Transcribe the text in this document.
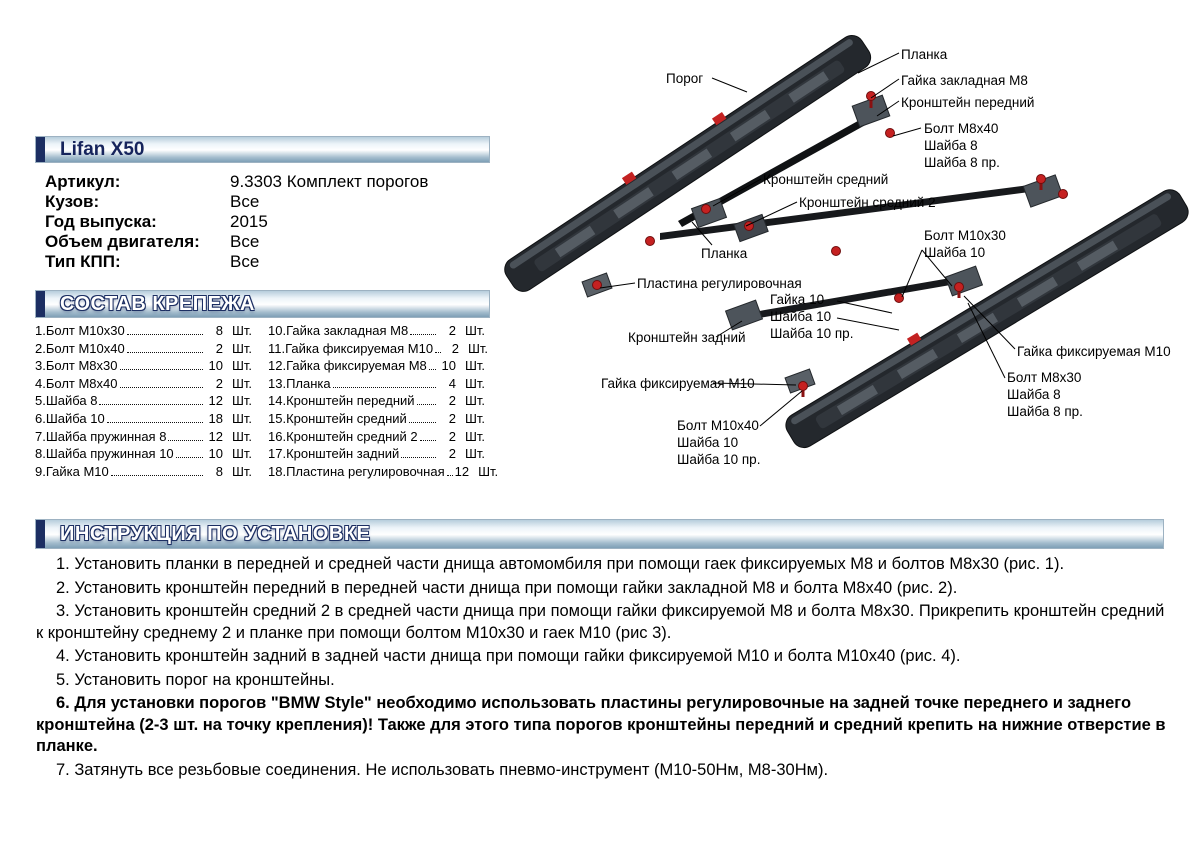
Lifan X50
Артикул:	9.3303 Комплект порогов
Кузов:	Все
Год выпуска:	2015
Объем двигателя:	Все
Тип КПП:	Все
СОСТАВ КРЕПЕЖА
1.Болт М10х30	8 Шт.
2.Болт М10х40	2 Шт.
3.Болт М8х30	10 Шт.
4.Болт М8х40	2 Шт.
5.Шайба 8	12 Шт.
6.Шайба 10	18 Шт.
7.Шайба пружинная 8	12 Шт.
8.Шайба пружинная 10	10 Шт.
9.Гайка М10	8 Шт.
10.Гайка закладная М8	2 Шт.
11.Гайка фиксируемая М10	2 Шт.
12.Гайка фиксируемая М8 10 Шт.
13.Планка	4 Шт.
14.Кронштейн передний	2 Шт.
15.Кронштейн средний	2 Шт.
16.Кронштейн средний 2	2 Шт.
17.Кронштейн задний	2 Шт.
18.Пластина регулировочная 12 Шт.
Порог
Планка
Гайка закладная М8
Кронштейн передний
Болт М8х40
Шайба 8
Шайба 8 пр.
Кронштейн средний
Кронштейн средний 2
Планка
Болт М10х30
Шайба 10
Пластина регулировочная
Гайка 10
Шайба 10
Шайба 10 пр.
Кронштейн задний
Гайка фиксируемая М10
Гайка фиксируемая М10
Болт М8х30
Шайба 8
Шайба 8 пр.
Болт М10х40
Шайба 10
Шайба 10 пр.
ИНСТРУКЦИЯ ПО УСТАНОВКЕ

1. Установить планки в передней и средней части днища автомомбиля при помощи гаек фиксируемых М8 и болтов М8х30 (рис. 1).

2. Установить кронштейн передний в передней части днища при помощи гайки закладной М8 и болта М8х40 (рис. 2).

3. Установить кронштейн средний 2 в средней части днища при помощи гайки фиксируемой М8 и болта М8х30. Прикрепить кронштейн средний к кронштейну среднему 2 и планке при помощи болтом М10х30 и гаек М10 (рис 3).

4. Установить кронштейн задний в задней части днища при помощи гайки фиксируемой М10 и болта М10х40 (рис. 4).

5. Установить порог на кронштейны.

6. Для установки порогов "BMW Style" необходимо использовать пластины регулировочные на задней точке переднего и заднего кронштейна (2-3 шт. на точку крепления)! Также для этого типа порогов кронштейны передний и средний крепить на нижние отверстие в планке.

7. Затянуть все резьбовые соединения. Не использовать пневмо-инструмент (М10-50Нм, М8-30Нм).
